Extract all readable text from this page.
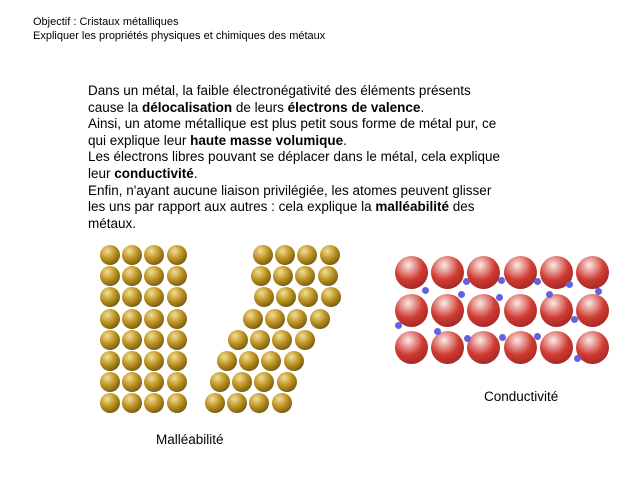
Objectif : Cristaux métalliques
Expliquer les propriétés physiques et chimiques des métaux
Dans un métal, la faible électronégativité des éléments présents
cause la délocalisation de leurs électrons de valence.
Ainsi, un atome métallique est plus petit sous forme de métal pur, ce
qui explique leur haute masse volumique.
Les électrons libres pouvant se déplacer dans le métal, cela explique
leur conductivité.
Enfin, n'ayant aucune liaison privilégiée, les atomes peuvent glisser
les uns par rapport aux autres : cela explique la malléabilité des
métaux.
Malléabilité
Conductivité
